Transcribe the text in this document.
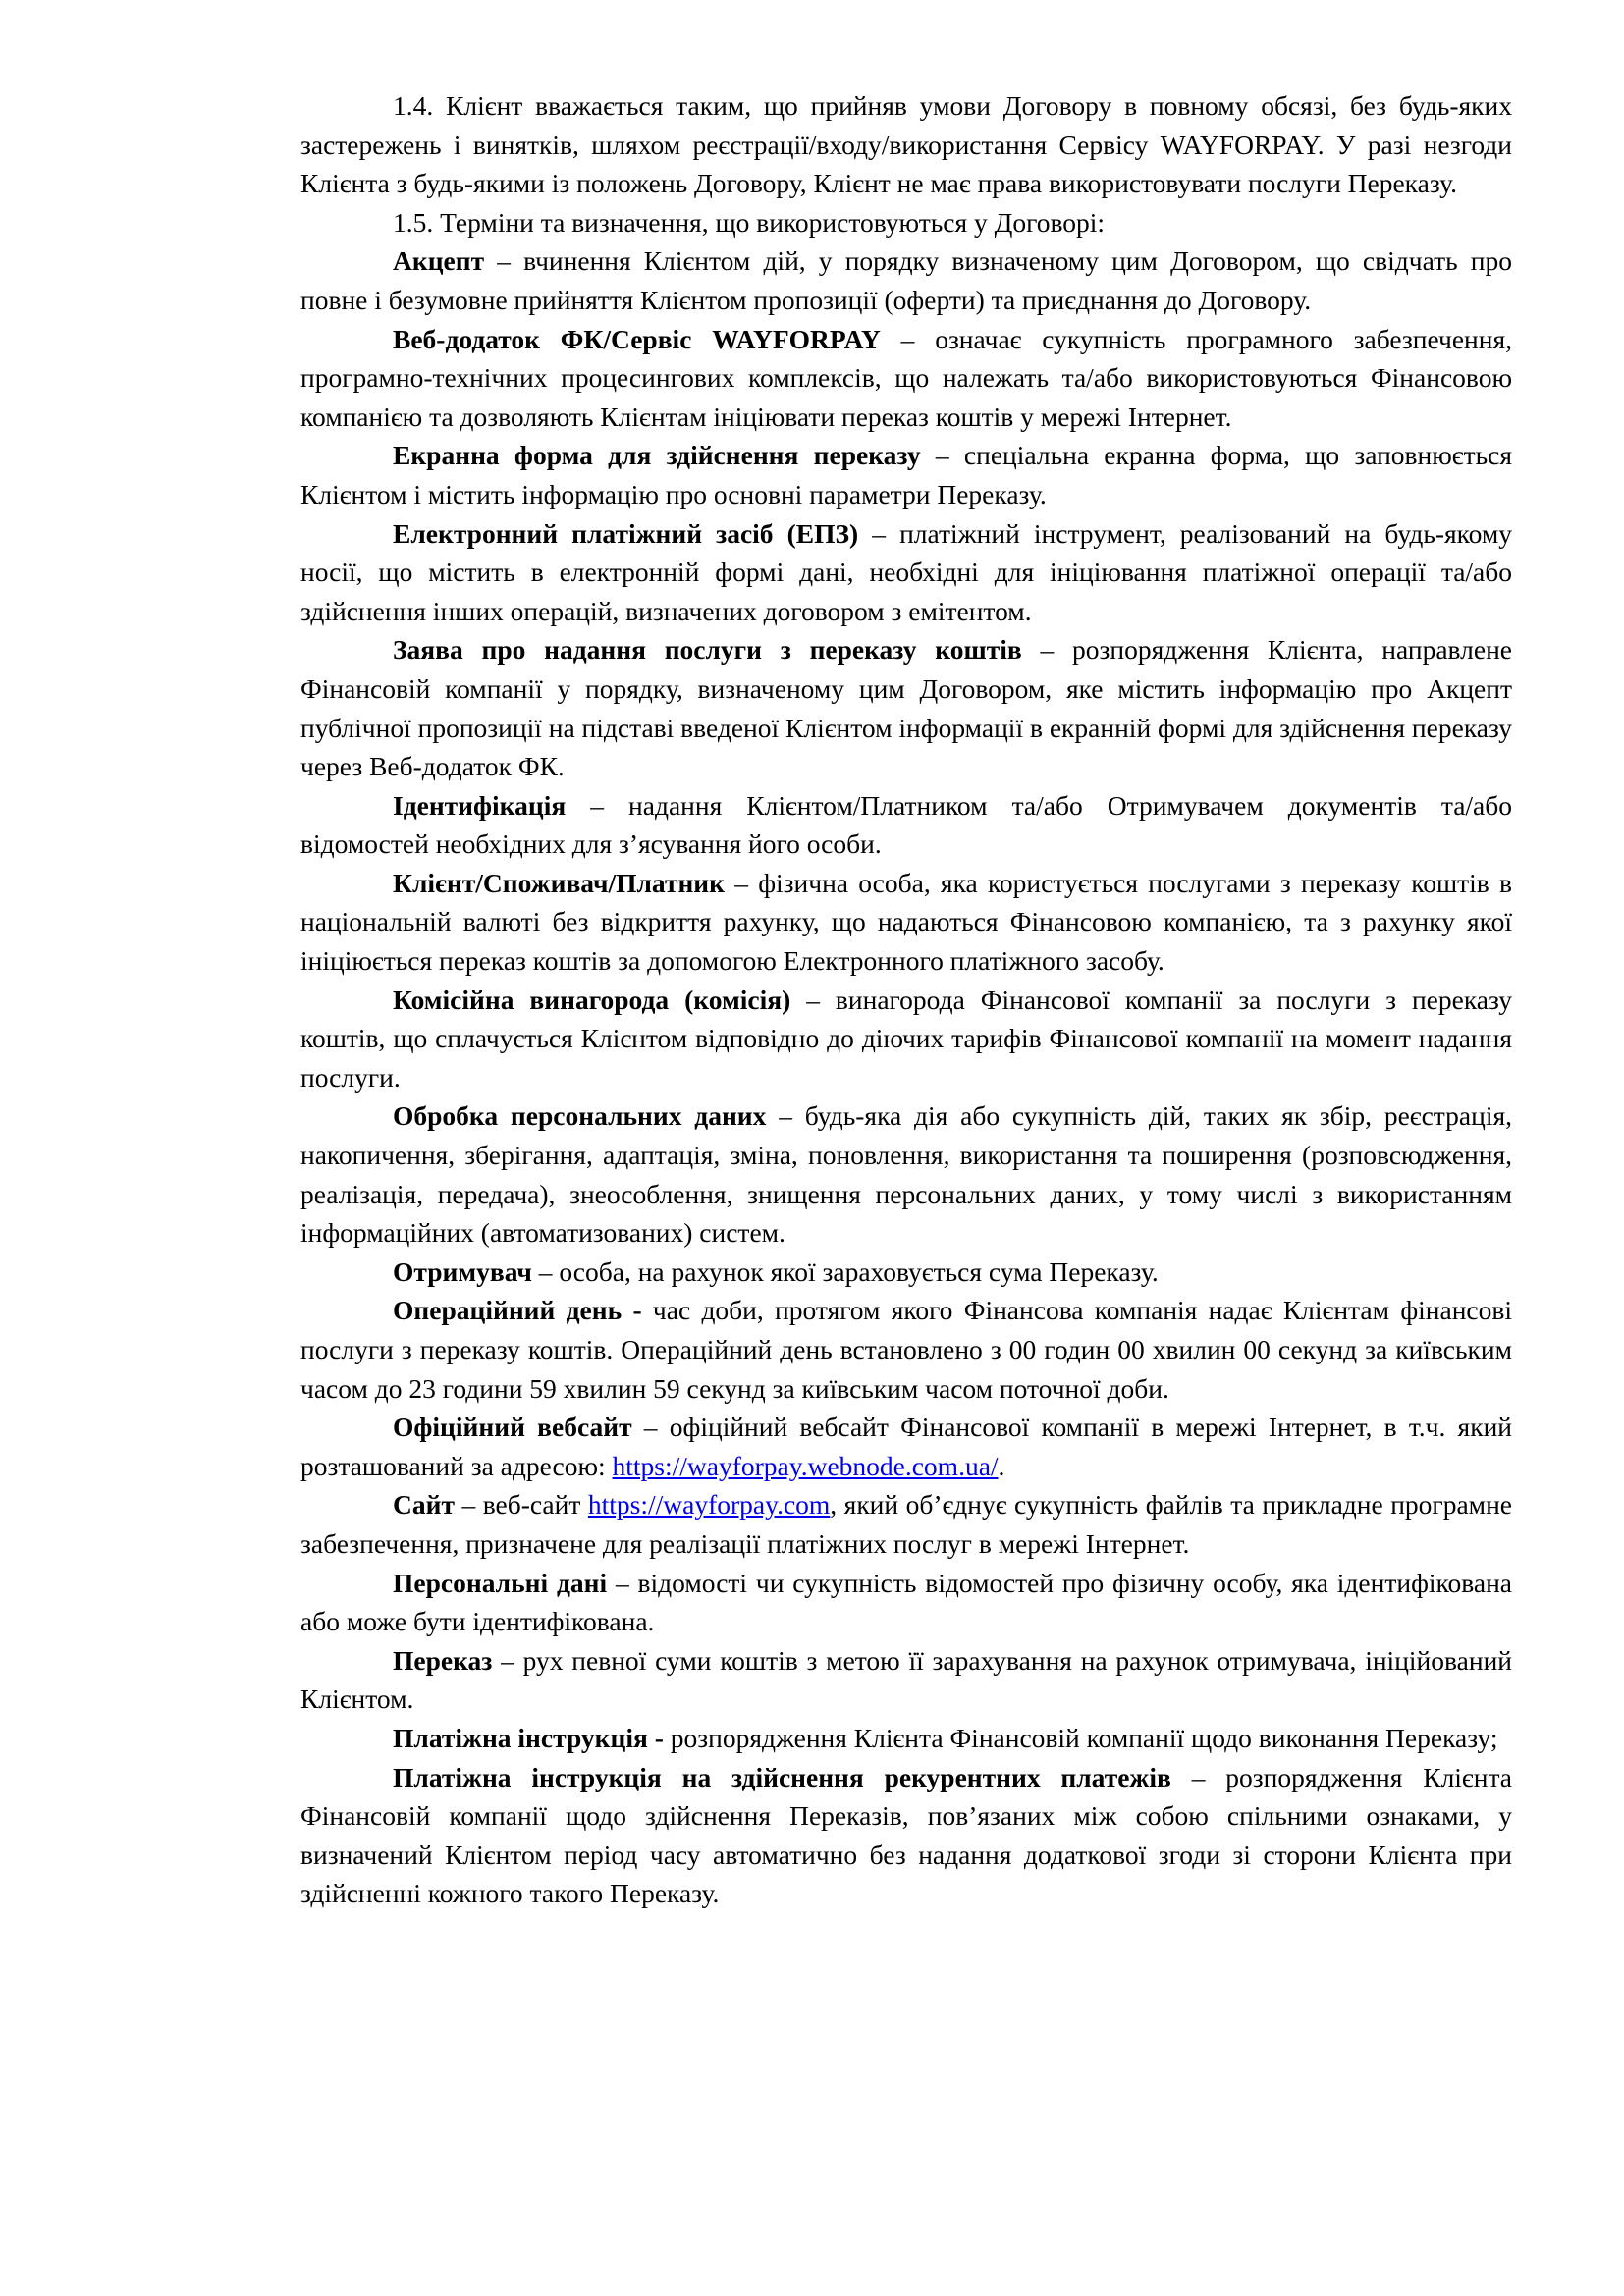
1.4. Клієнт вважається таким, що прийняв умови Договору в повному обсязі, без будь-яких застережень і винятків, шляхом реєстрації/входу/використання Сервісу WAYFORPAY. У разі незгоди Клієнта з будь-якими із положень Договору, Клієнт не має права використовувати послуги Переказу.

1.5. Терміни та визначення, що використовуються у Договорі:

Акцепт – вчинення Клієнтом дій, у порядку визначеному цим Договором, що свідчать про повне і безумовне прийняття Клієнтом пропозиції (оферти) та приєднання до Договору.

Веб-додаток ФК/Сервіс WAYFORPAY – означає сукупність програмного забезпечення, програмно-технічних процесингових комплексів, що належать та/або використовуються Фінансовою компанією та дозволяють Клієнтам ініціювати переказ коштів у мережі Інтернет.

Екранна форма для здійснення переказу – спеціальна екранна форма, що заповнюється Клієнтом і містить інформацію про основні параметри Переказу.

Електронний платіжний засіб (ЕПЗ) – платіжний інструмент, реалізований на будь-якому носії, що містить в електронній формі дані, необхідні для ініціювання платіжної операції та/або здійснення інших операцій, визначених договором з емітентом.

Заява про надання послуги з переказу коштів – розпорядження Клієнта, направлене Фінансовій компанії у порядку, визначеному цим Договором, яке містить інформацію про Акцепт публічної пропозиції на підставі введеної Клієнтом інформації в екранній формі для здійснення переказу через Веб-додаток ФК.

Ідентифікація – надання Клієнтом/Платником та/або Отримувачем документів та/або відомостей необхідних для з’ясування його особи.

Клієнт/Споживач/Платник – фізична особа, яка користується послугами з переказу коштів в національній валюті без відкриття рахунку, що надаються Фінансовою компанією, та з рахунку якої ініціюється переказ коштів за допомогою Електронного платіжного засобу.

Комісійна винагорода (комісія) – винагорода Фінансової компанії за послуги з переказу коштів, що сплачується Клієнтом відповідно до діючих тарифів Фінансової компанії на момент надання послуги.

Обробка персональних даних – будь-яка дія або сукупність дій, таких як збір, реєстрація, накопичення, зберігання, адаптація, зміна, поновлення, використання та поширення (розповсюдження, реалізація, передача), знеособлення, знищення персональних даних, у тому числі з використанням інформаційних (автоматизованих) систем.

Отримувач – особа, на рахунок якої зараховується сума Переказу.

Операційний день - час доби, протягом якого Фінансова компанія надає Клієнтам фінансові послуги з переказу коштів. Операційний день встановлено з 00 годин 00 хвилин 00 секунд за київським часом до 23 години 59 хвилин 59 секунд за київським часом поточної доби.

Офіційний вебсайт – офіційний вебсайт Фінансової компанії в мережі Інтернет, в т.ч. який розташований за адресою: https://wayforpay.webnode.com.ua/.

Сайт – веб-сайт https://wayforpay.com, який об’єднує сукупність файлів та прикладне програмне забезпечення, призначене для реалізації платіжних послуг в мережі Інтернет.

Персональні дані – відомості чи сукупність відомостей про фізичну особу, яка ідентифікована або може бути ідентифікована.

Переказ – рух певної суми коштів з метою її зарахування на рахунок отримувача, ініційований Клієнтом.

Платіжна інструкція - розпорядження Клієнта Фінансовій компанії щодо виконання Переказу;

Платіжна інструкція на здійснення рекурентних платежів – розпорядження Клієнта Фінансовій компанії щодо здійснення Переказів, пов’язаних між собою спільними ознаками, у визначений Клієнтом період часу автоматично без надання додаткової згоди зі сторони Клієнта при здійсненні кожного такого Переказу.
